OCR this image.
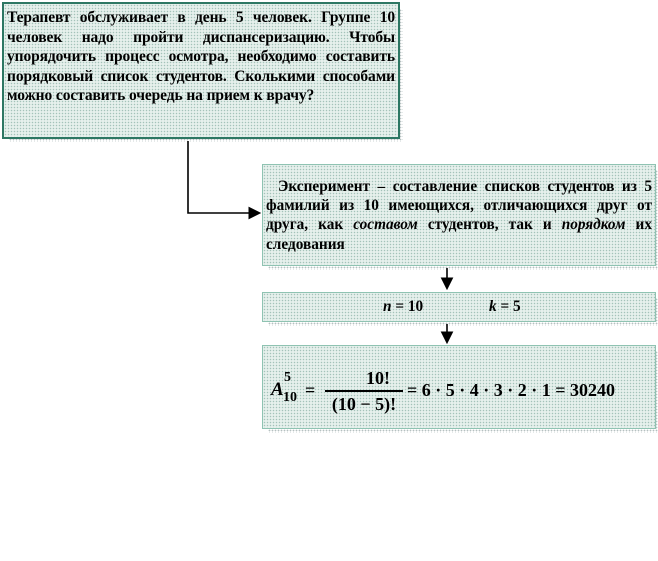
Терапевт обслуживает в день 5 человек. Группе 10 человек надо пройти диспансеризацию. Чтобы упорядочить процесс осмотра, необходимо составить порядковый список студентов. Сколькими способами можно составить очередь на прием к врачу?

Эксперимент – составление списков студентов из 5 фамилий из 10 имеющихся, отличающихся друг от друга, как составом студентов, так и порядком их следования

n = 10	k = 5
A
5
10 =
10!
(10 − 5)!
= 6 · 5 · 4 · 3 · 2 · 1 = 30240
